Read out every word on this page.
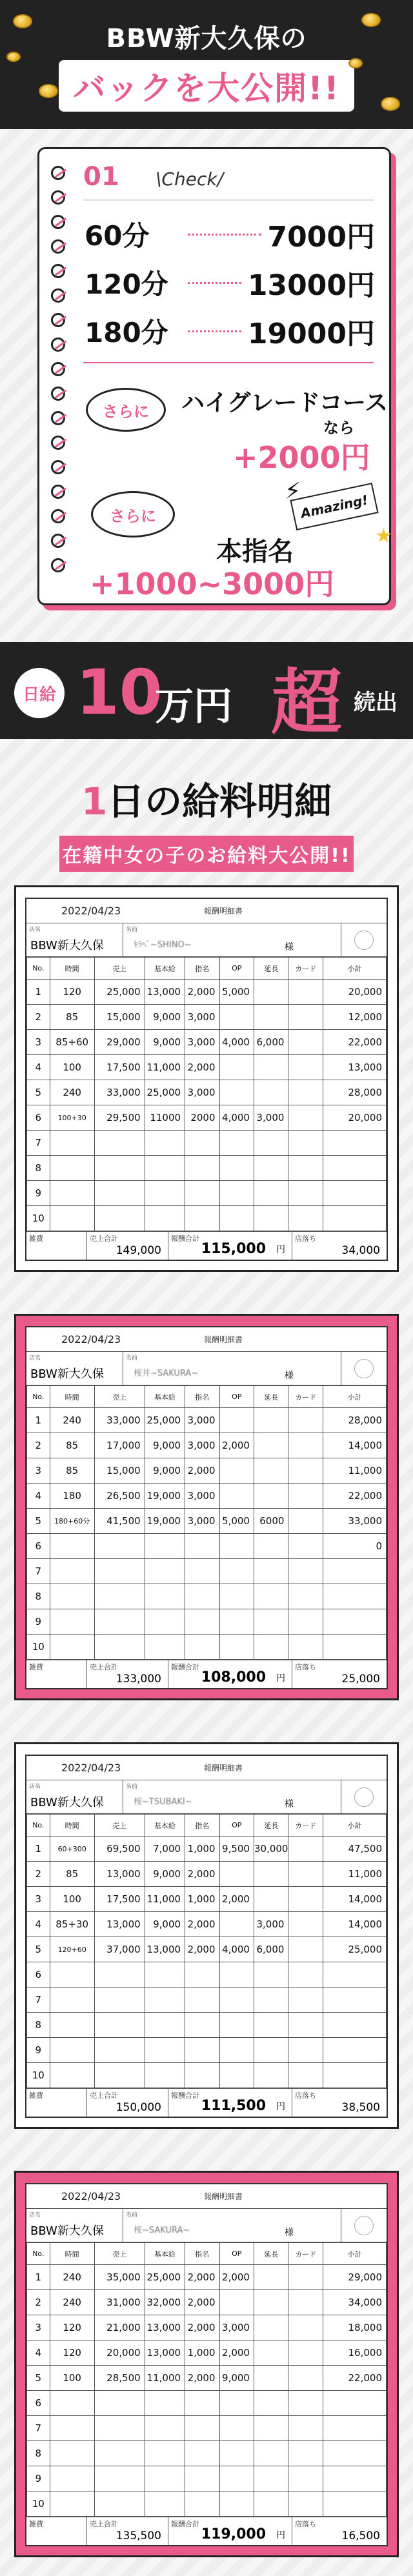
BBW新大久保の
バックを大公開!!
01 \Check/
60分	7000円
120分	13000円
180分	19000円
さらに	ハイグレードコース
なら
+2000円
⚡
さらに	Amazing!
★
本指名
+1000~3000円
日給 10
万円 超 続出
1日の給料明細
在籍中女の子のお給料大公開!!
2022/04/23	報酬明細書
店名
BBW新大久保
名前
ｷﾗﾍﾞ~SHINO~	様
No.	時間	売上	基本給	指名	OP	延長	カード	小計
1	120	25,000	13,000	2,000	5,000			20,000
2	85	15,000	9,000	3,000				12,000
3	85+60	29,000	9,000	3,000	4,000	6,000		22,000
4	100	17,500	11,000	2,000				13,000
5	240	33,000	25,000	3,000				28,000
6	100+30	29,500	11000	2000	4,000	3,000		20,000
7								
8								
9								
10								
雑費	売上合計
149,000
報酬合計
115,000 円
店落ち
34,000
2022/04/23	報酬明細書
店名
BBW新大久保
名前
桜井~SAKURA~	様
No.	時間	売上	基本給	指名	OP	延長	カード	小計
1	240	33,000	25,000	3,000				28,000
2	85	17,000	9,000	3,000	2,000			14,000
3	85	15,000	9,000	2,000				11,000
4	180	26,500	19,000	3,000				22,000
5	180+60分	41,500	19,000	3,000	5,000	6000		33,000
6								0
7								
8								
9								
10								
雑費	売上合計
133,000
報酬合計
108,000 円
店落ち
25,000
2022/04/23	報酬明細書
店名
BBW新大久保
名前
桜~TSUBAKI~	様
No.	時間	売上	基本給	指名	OP	延長	カード	小計
1	60+300	69,500	7,000	1,000	9,500	30,000		47,500
2	85	13,000	9,000	2,000				11,000
3	100	17,500	11,000	1,000	2,000			14,000
4	85+30	13,000	9,000	2,000		3,000		14,000
5	120+60	37,000	13,000	2,000	4,000	6,000		25,000
6								
7								
8								
9								
10								
雑費	売上合計
150,000
報酬合計
111,500 円
店落ち
38,500
2022/04/23	報酬明細書
店名
BBW新大久保
名前
桜~SAKURA~	様
No.	時間	売上	基本給	指名	OP	延長	カード	小計
1	240	35,000	25,000	2,000	2,000			29,000
2	240	31,000	32,000	2,000				34,000
3	120	21,000	13,000	2,000	3,000			18,000
4	120	20,000	13,000	1,000	2,000			16,000
5	100	28,500	11,000	2,000	9,000			22,000
6								
7								
8								
9								
10								
雑費	売上合計
135,500
報酬合計
119,000 円
店落ち
16,500
